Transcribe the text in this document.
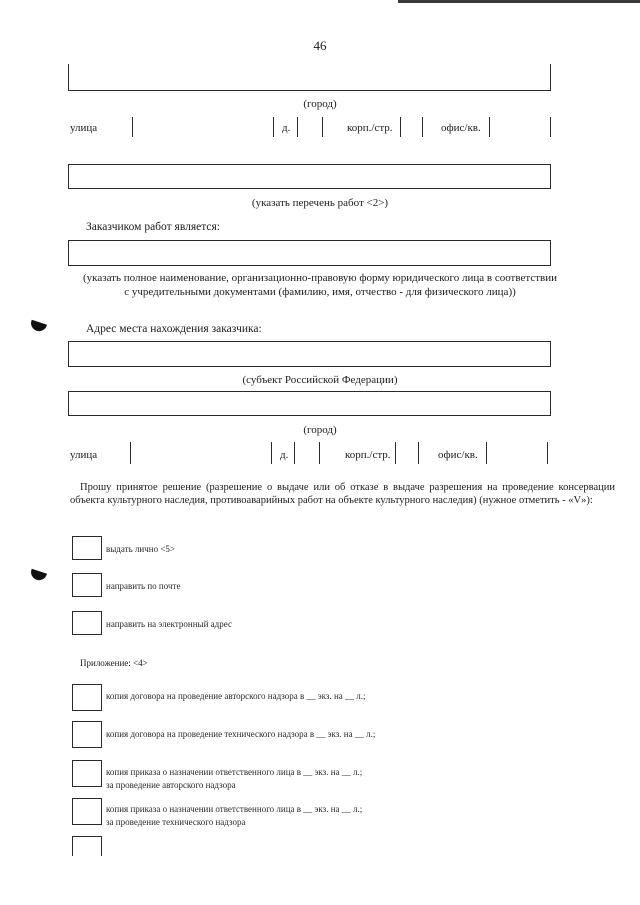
46
(город)
улица	д.	корп./стр.	офис/кв.
(указать перечень работ <2>)
Заказчиком работ является:
(указать полное наименование, организационно-правовую форму юридического лица в соответствии с учредительными документами (фамилию, имя, отчество - для физического лица))
Адрес места нахождения заказчика:
(субъект Российской Федерации)
(город)
улица	д.	корп./стр.	офис/кв.
Прошу принятое решение (разрешение о выдаче или об отказе в выдаче разрешения на проведение консервации объекта культурного наследия, противоаварийных работ на объекте культурного наследия) (нужное отметить - «V»):
выдать лично <5>
направить по почте
направить на электронный адрес
Приложение: <4>
копия договора на проведение авторского надзора в __ экз. на __ л.;
копия договора на проведение технического надзора в __ экз. на __ л.;
копия приказа о назначении ответственного лица в __ экз. на __ л.;
за проведение авторского надзора
копия приказа о назначении ответственного лица в __ экз. на __ л.;
за проведение технического надзора
